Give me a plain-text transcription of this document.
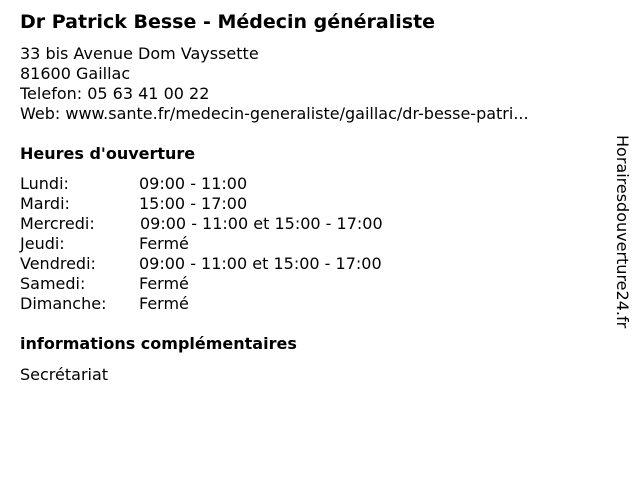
Dr Patrick Besse - Médecin généraliste
33 bis Avenue Dom Vayssette
81600 Gaillac
Telefon: 05 63 41 00 22
Web: www.sante.fr/medecin-generaliste/gaillac/dr-besse-patri...
Heures d'ouverture
Lundi:	09:00 - 11:00
Mardi:	15:00 - 17:00
Mercredi:	09:00 - 11:00 et 15:00 - 17:00
Jeudi:	Fermé
Vendredi:	09:00 - 11:00 et 15:00 - 17:00
Samedi:	Fermé
Dimanche: Fermé
informations complémentaires
Secrétariat
Horairesdouverture24.fr
